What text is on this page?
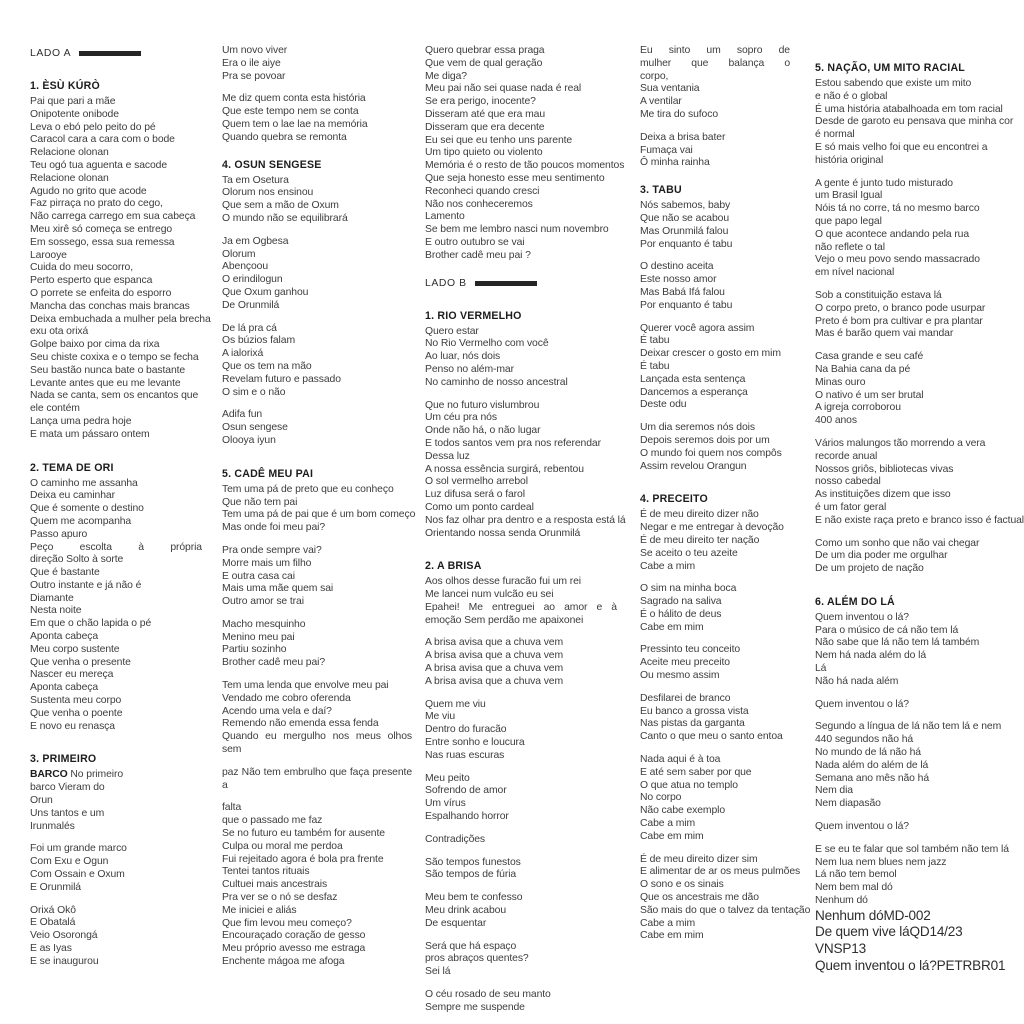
LADO A
1. ÈSÙ KÚRÒ
Pai que pari a mãe
Onipotente onibode
Leva o ebó pelo peito do pé
Caracol cara a cara com o bode
Relacione olonan
Teu ogó tua aguenta e sacode
Relacione olonan
Agudo no grito que acode
Faz pirraça no prato do cego,
Não carrega carrego em sua cabeça
Meu xirê só começa se entrego
Em sossego, essa sua remessa
Larooye
Cuida do meu socorro,
Perto esperto que espanca
O porrete se enfeita do esporro
Mancha das conchas mais brancas
Deixa embuchada a mulher pela brecha
exu ota orixá
Golpe baixo por cima da rixa
Seu chiste coxixa e o tempo se fecha
Seu bastão nunca bate o bastante
Levante antes que eu me levante
Nada se canta, sem os encantos que
ele contém
Lança uma pedra hoje
E mata um pássaro ontem
2. TEMA DE ORI
O caminho me assanha
Deixa eu caminhar
Que é somente o destino
Quem me acompanha
Passo apuro
Peço escolta à própria
direção Solto à sorte
Que é bastante
Outro instante e já não é
Diamante
Nesta noite
Em que o chão lapida o pé
Aponta cabeça
Meu corpo sustente
Que venha o presente
Nascer eu mereça
Aponta cabeça
Sustenta meu corpo
Que venha o poente
E novo eu renasça
3. PRIMEIRO
BARCO No primeiro
barco Vieram do
Orun
Uns tantos e um
Irunmalés
Foi um grande marco
Com Exu e Ogun
Com Ossain e Oxum
E Orunmilá
Orixá Okô
E Obatalá
Veio Osorongá
E as Iyas
E se inaugurou
Um novo viver
Era o ile aiye
Pra se povoar
Me diz quem conta esta história
Que este tempo nem se conta
Quem tem o lae lae na memória
Quando quebra se remonta
4. OSUN SENGESE
Ta em Osetura
Olorum nos ensinou
Que sem a mão de Oxum
O mundo não se equilibrará
Ja em Ogbesa
Olorum
Abençoou
O erindilogun
Que Oxum ganhou
De Orunmilá
De lá pra cá
Os búzios falam
A ialorixá
Que os tem na mão
Revelam futuro e passado
O sim e o não
Adifa fun
Osun sengese
Olooya iyun
5. CADÊ MEU PAI
Tem uma pá de preto que eu conheço
Que não tem pai
Tem uma pá de pai que é um bom começo
Mas onde foi meu pai?
Pra onde sempre vai?
Morre mais um filho
E outra casa cai
Mais uma mãe quem sai
Outro amor se trai
Macho mesquinho
Menino meu pai
Partiu sozinho
Brother cadê meu pai?
Tem uma lenda que envolve meu pai
Vendado me cobro oferenda
Acendo uma vela e daí?
Remendo não emenda essa fenda
Quando eu mergulho nos meus olhos sem
paz Não tem embrulho que faça presente a
falta
que o passado me faz
Se no futuro eu também for ausente
Culpa ou moral me perdoa
Fui rejeitado agora é bola pra frente
Tentei tantos rituais
Cultuei mais ancestrais
Pra ver se o nó se desfaz
Me iniciei e aliás
Que fim levou meu começo?
Encouraçado coração de gesso
Meu próprio avesso me estraga
Enchente mágoa me afoga
Quero quebrar essa praga
Que vem de qual geração
Me diga?
Meu pai não sei quase nada é real
Se era perigo, inocente?
Disseram até que era mau
Disseram que era decente
Eu sei que eu tenho uns parente
Um tipo quieto ou violento
Memória é o resto de tão poucos momentos
Que seja honesto esse meu sentimento
Reconheci quando cresci
Não nos conheceremos
Lamento
Se bem me lembro nasci num novembro
E outro outubro se vai
Brother cadê meu pai ?
LADO B
1. RIO VERMELHO
Quero estar
No Rio Vermelho com você
Ao luar, nós dois
Penso no além-mar
No caminho de nosso ancestral
Que no futuro vislumbrou
Um céu pra nós
Onde não há, o não lugar
E todos santos vem pra nos referendar
Dessa luz
A nossa essência surgirá, rebentou
O sol vermelho arrebol
Luz difusa será o farol
Como um ponto cardeal
Nos faz olhar pra dentro e a resposta está lá
Orientando nossa senda Orunmilá
2. A BRISA
Aos olhos desse furacão fui um rei
Me lancei num vulcão eu sei
Epahei! Me entreguei ao amor e à
emoção Sem perdão me apaixonei
A brisa avisa que a chuva vem
A brisa avisa que a chuva vem
A brisa avisa que a chuva vem
A brisa avisa que a chuva vem
Quem me viu
Me viu
Dentro do furacão
Entre sonho e loucura
Nas ruas escuras
Meu peito
Sofrendo de amor
Um vírus
Espalhando horror
Contradições
São tempos funestos
São tempos de fúria
Meu bem te confesso
Meu drink acabou
De esquentar
Será que há espaço
pros abraços quentes?
Sei lá
O céu rosado de seu manto
Sempre me suspende
Eu sinto um sopro de
mulher que balança o
corpo,
Sua ventania
A ventilar
Me tira do sufoco
Deixa a brisa bater
Fumaça vai
Ô minha rainha
3. TABU
Nós sabemos, baby
Que não se acabou
Mas Orunmilá falou
Por enquanto é tabu
O destino aceita
Este nosso amor
Mas Babá Ifá falou
Por enquanto é tabu
Querer você agora assim
É tabu
Deixar crescer o gosto em mim
É tabu
Lançada esta sentença
Dancemos a esperança
Deste odu
Um dia seremos nós dois
Depois seremos dois por um
O mundo foi quem nos compôs
Assim revelou Orangun
4. PRECEITO
É de meu direito dizer não
Negar e me entregar à devoção
É de meu direito ter nação
Se aceito o teu azeite
Cabe a mim
O sim na minha boca
Sagrado na saliva
É o hálito de deus
Cabe em mim
Pressinto teu conceito
Aceite meu preceito
Ou mesmo assim
Desfilarei de branco
Eu banco a grossa vista
Nas pistas da garganta
Canto o que meu o santo entoa
Nada aqui é à toa
E até sem saber por que
O que atua no templo
No corpo
Não cabe exemplo
Cabe a mim
Cabe em mim
É de meu direito dizer sim
E alimentar de ar os meus pulmões
O sono e os sinais
Que os ancestrais me dão
São mais do que o talvez da tentação
Cabe a mim
Cabe em mim
5. NAÇÃO, UM MITO RACIAL
Estou sabendo que existe um mito
e não é o global
É uma história atabalhoada em tom racial
Desde de garoto eu pensava que minha cor
é normal
E só mais velho foi que eu encontrei a
história original
A gente é junto tudo misturado
um Brasil Igual
Nóis tá no corre, tá no mesmo barco
que papo legal
O que acontece andando pela rua
não reflete o tal
Vejo o meu povo sendo massacrado
em nível nacional
Sob a constituição estava lá
O corpo preto, o branco pode usurpar
Preto é bom pra cultivar e pra plantar
Mas é barão quem vai mandar
Casa grande e seu café
Na Bahia cana da pé
Minas ouro
O nativo é um ser brutal
A igreja corroborou
400 anos
Vários malungos tão morrendo a vera
recorde anual
Nossos griôs, bibliotecas vivas
nosso cabedal
As instituições dizem que isso
é um fator geral
E não existe raça preto e branco isso é factual
Como um sonho que não vai chegar
De um dia poder me orgulhar
De um projeto de nação
6. ALÉM DO LÁ
Quem inventou o lá?
Para o músico de cá não tem lá
Não sabe que lá não tem lá também
Nem há nada além do lá
Lá
Não há nada além
Quem inventou o lá?
Segundo a língua de lá não tem lá e nem
440 segundos não há
No mundo de lá não há
Nada além do além de lá
Semana ano mês não há
Nem dia
Nem diapasão
Quem inventou o lá?
E se eu te falar que sol também não tem lá
Nem lua nem blues nem jazz
Lá não tem bemol
Nem bem mal dó
Nenhum dó
Nenhum dóMD-002
De quem vive láQD14/23
VNSP13
Quem inventou o lá?PETRBR01
